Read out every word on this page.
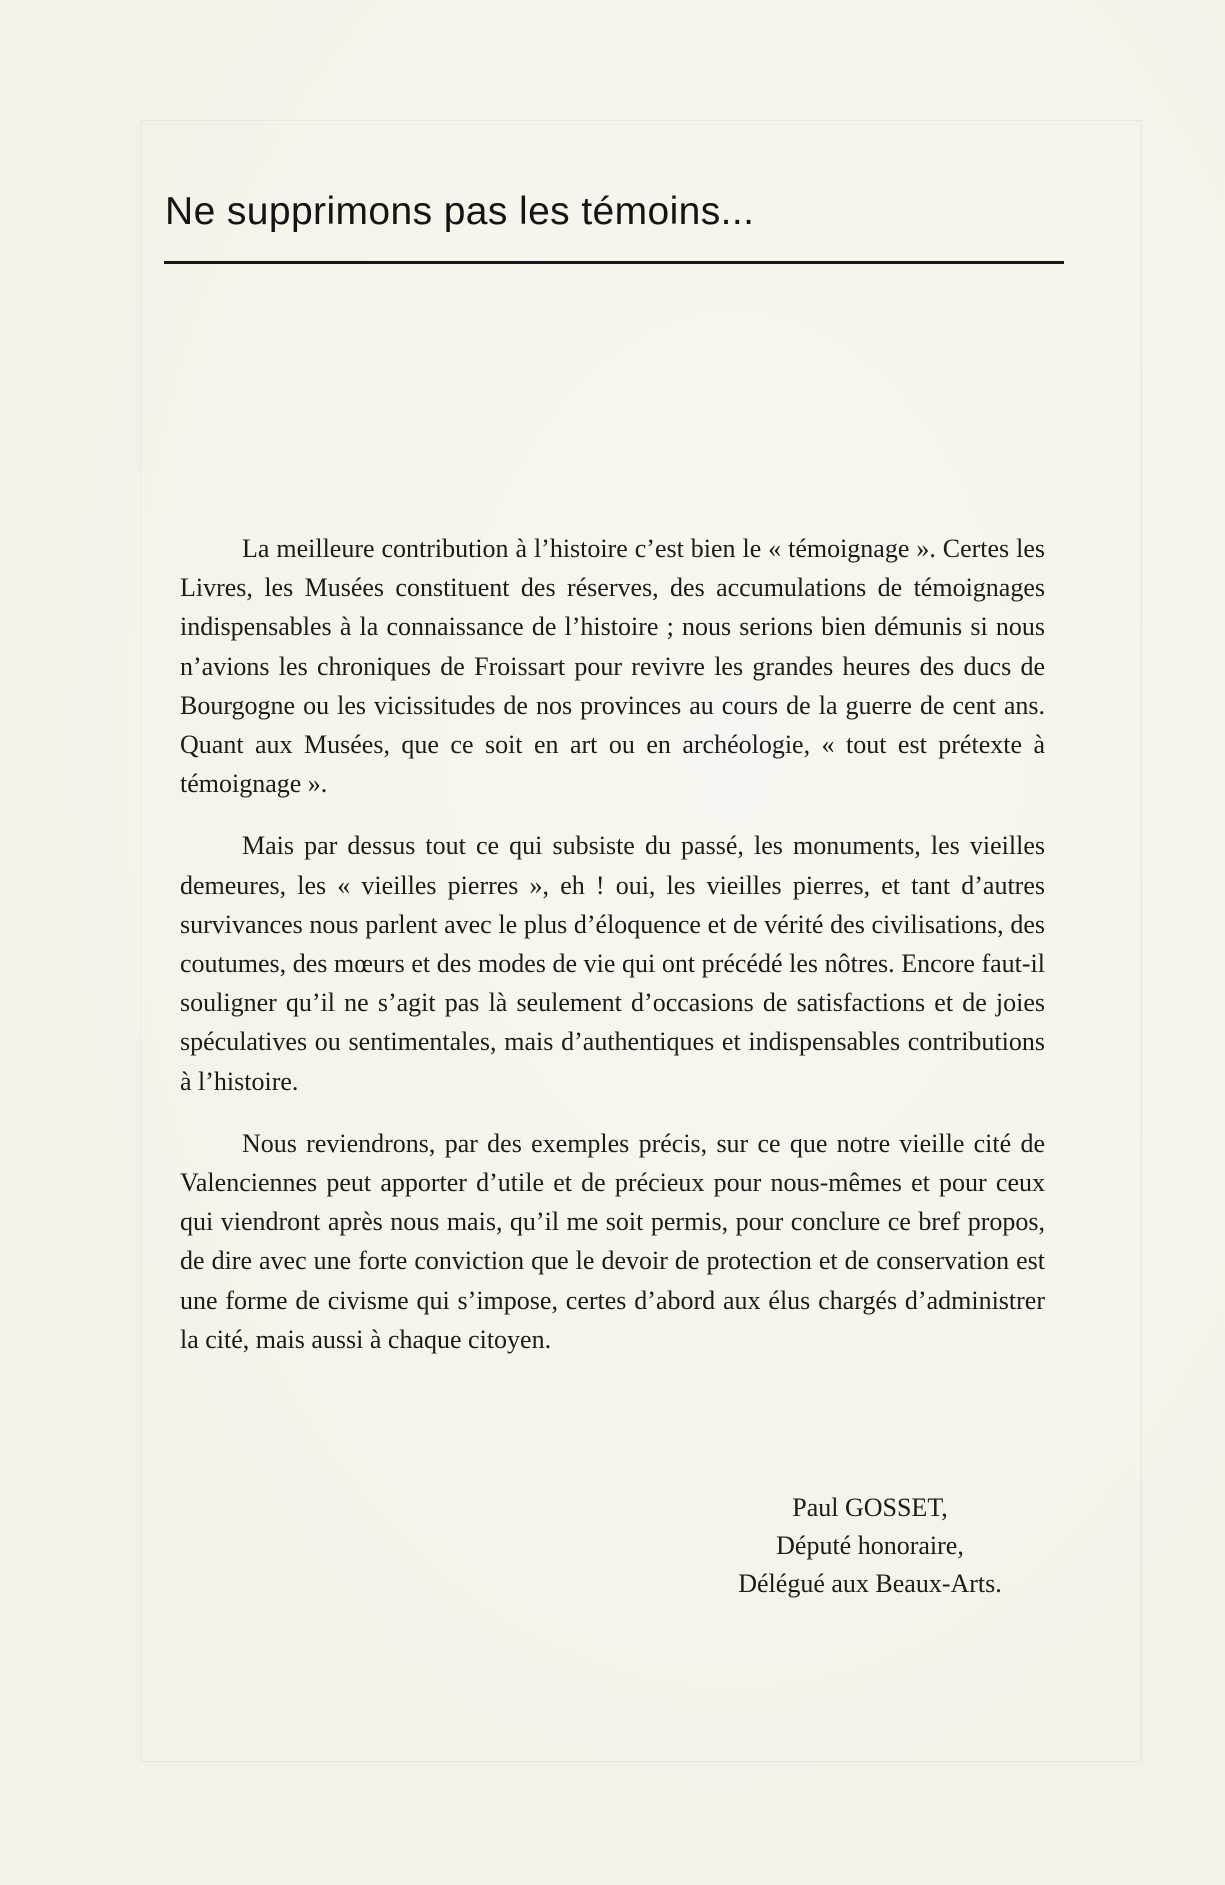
Ne supprimons pas les témoins...

La meilleure contribution à l’histoire c’est bien le « témoignage ». Certes les Livres, les Musées constituent des réserves, des accumulations de témoignages indispensables à la connaissance de l’histoire ; nous serions bien démunis si nous n’avions les chroniques de Froissart pour revivre les grandes heures des ducs de Bourgogne ou les vicissitudes de nos provinces au cours de la guerre de cent ans. Quant aux Musées, que ce soit en art ou en archéologie, « tout est prétexte à témoignage ».

Mais par dessus tout ce qui subsiste du passé, les monuments, les vieilles demeures, les « vieilles pierres », eh ! oui, les vieilles pierres, et tant d’autres survivances nous parlent avec le plus d’éloquence et de vérité des civilisations, des coutumes, des mœurs et des modes de vie qui ont précédé les nôtres. Encore faut-il souligner qu’il ne s’agit pas là seulement d’occasions de satisfactions et de joies spéculatives ou sentimentales, mais d’authentiques et indispensables contributions à l’histoire.

Nous reviendrons, par des exemples précis, sur ce que notre vieille cité de Valenciennes peut apporter d’utile et de précieux pour nous-mêmes et pour ceux qui viendront après nous mais, qu’il me soit permis, pour conclure ce bref propos, de dire avec une forte conviction que le devoir de protection et de conservation est une forme de civisme qui s’impose, certes d’abord aux élus chargés d’administrer la cité, mais aussi à chaque citoyen.

Paul GOSSET,
Député honoraire,
Délégué aux Beaux-Arts.
